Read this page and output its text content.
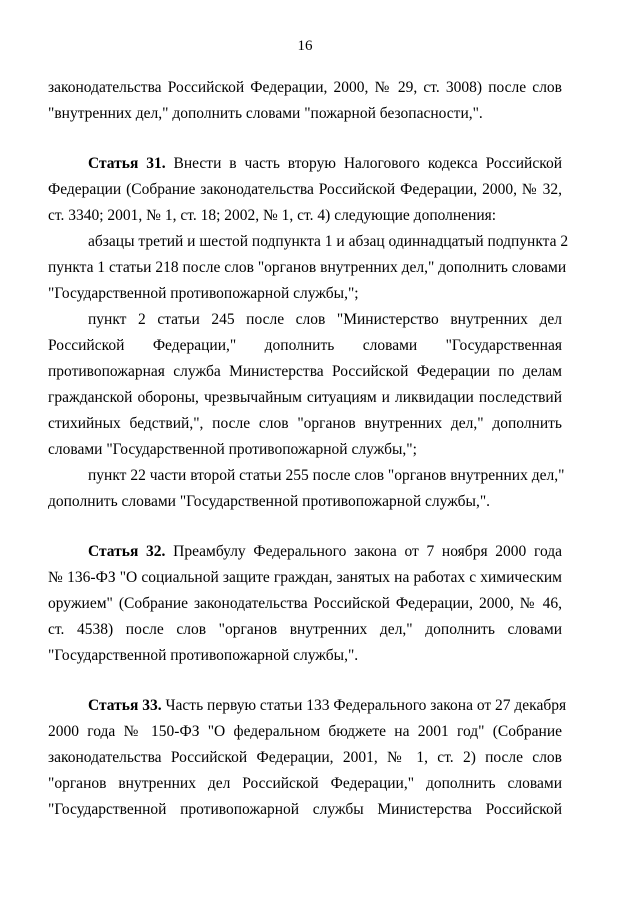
16
законодательства Российской Федерации, 2000, № 29, ст. 3008) после слов
"внутренних дел," дополнить словами "пожарной безопасности,".
Статья 31. Внести в часть вторую Налогового кодекса Российской
Федерации (Собрание законодательства Российской Федерации, 2000, № 32,
ст. 3340; 2001, № 1, ст. 18; 2002, № 1, ст. 4) следующие дополнения:
абзацы третий и шестой подпункта 1 и абзац одиннадцатый подпункта 2
пункта 1 статьи 218 после слов "органов внутренних дел," дополнить словами
"Государственной противопожарной службы,";
пункт 2 статьи 245 после слов "Министерство внутренних дел
Российской Федерации," дополнить словами "Государственная
противопожарная служба Министерства Российской Федерации по делам
гражданской обороны, чрезвычайным ситуациям и ликвидации последствий
стихийных бедствий,", после слов "органов внутренних дел," дополнить
словами "Государственной противопожарной службы,";
пункт 22 части второй статьи 255 после слов "органов внутренних дел,"
дополнить словами "Государственной противопожарной службы,".
Статья 32. Преамбулу Федерального закона от 7 ноября 2000 года
№ 136-ФЗ "О социальной защите граждан, занятых на работах с химическим
оружием" (Собрание законодательства Российской Федерации, 2000, № 46,
ст. 4538) после слов "органов внутренних дел," дополнить словами
"Государственной противопожарной службы,".
Статья 33. Часть первую статьи 133 Федерального закона от 27 декабря
2000 года № 150-ФЗ "О федеральном бюджете на 2001 год" (Собрание
законодательства Российской Федерации, 2001, № 1, ст. 2) после слов
"органов внутренних дел Российской Федерации," дополнить словами
"Государственной противопожарной службы Министерства Российской
